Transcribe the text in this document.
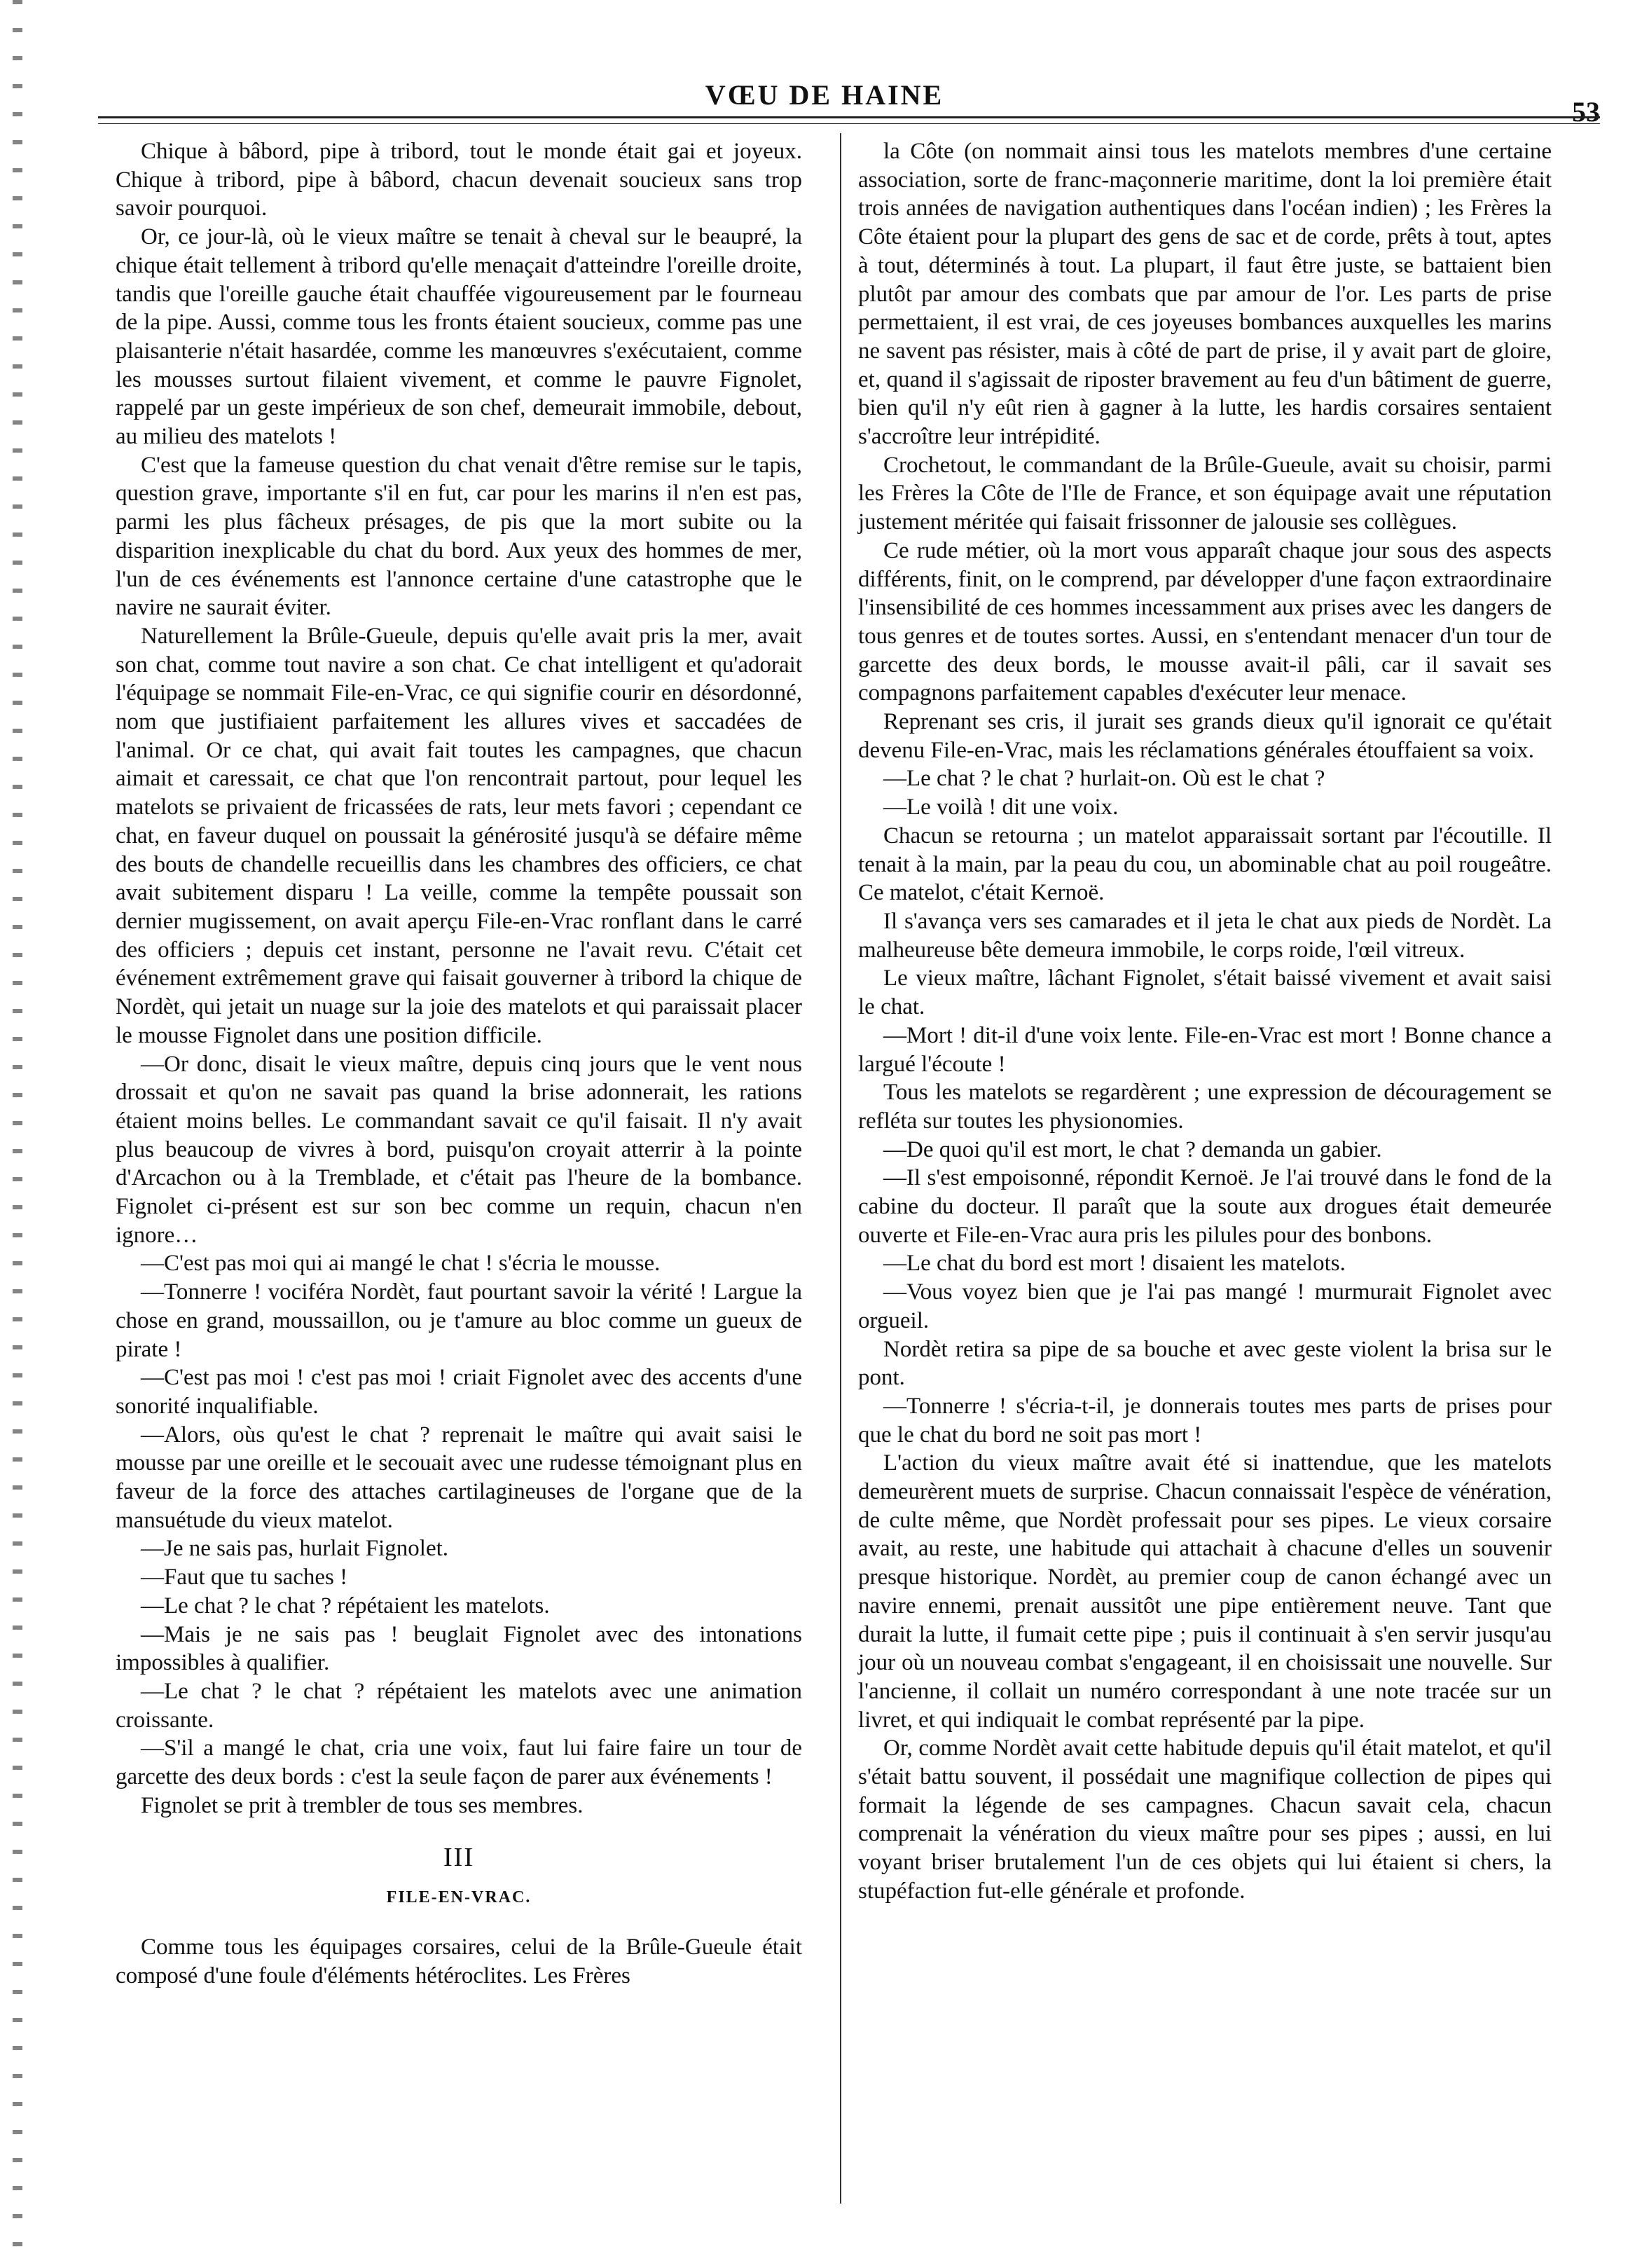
VŒU DE HAINE
53

Chique à bâbord, pipe à tribord, tout le monde était gai et joyeux. Chique à tribord, pipe à bâbord, chacun devenait soucieux sans trop savoir pourquoi.

Or, ce jour-là, où le vieux maître se tenait à cheval sur le beaupré, la chique était tellement à tribord qu'elle menaçait d'atteindre l'oreille droite, tandis que l'oreille gauche était chauffée vigoureusement par le fourneau de la pipe. Aussi, comme tous les fronts étaient soucieux, comme pas une plaisanterie n'était hasardée, comme les manœuvres s'exécutaient, comme les mousses surtout filaient vivement, et comme le pauvre Fignolet, rappelé par un geste impérieux de son chef, demeurait immobile, debout, au milieu des matelots !

C'est que la fameuse question du chat venait d'être remise sur le tapis, question grave, importante s'il en fut, car pour les marins il n'en est pas, parmi les plus fâcheux présages, de pis que la mort subite ou la disparition inexplicable du chat du bord. Aux yeux des hommes de mer, l'un de ces événements est l'annonce certaine d'une catastrophe que le navire ne saurait éviter.

Naturellement la Brûle-Gueule, depuis qu'elle avait pris la mer, avait son chat, comme tout navire a son chat. Ce chat intelligent et qu'adorait l'équipage se nommait File-en-Vrac, ce qui signifie courir en désordonné, nom que justifiaient parfaitement les allures vives et saccadées de l'animal. Or ce chat, qui avait fait toutes les campagnes, que chacun aimait et caressait, ce chat que l'on rencontrait partout, pour lequel les matelots se privaient de fricassées de rats, leur mets favori ; cependant ce chat, en faveur duquel on poussait la générosité jusqu'à se défaire même des bouts de chandelle recueillis dans les chambres des officiers, ce chat avait subitement disparu ! La veille, comme la tempête poussait son dernier mugissement, on avait aperçu File-en-Vrac ronflant dans le carré des officiers ; depuis cet instant, personne ne l'avait revu. C'était cet événement extrêmement grave qui faisait gouverner à tribord la chique de Nordèt, qui jetait un nuage sur la joie des matelots et qui paraissait placer le mousse Fignolet dans une position difficile.

—Or donc, disait le vieux maître, depuis cinq jours que le vent nous drossait et qu'on ne savait pas quand la brise adonnerait, les rations étaient moins belles. Le commandant savait ce qu'il faisait. Il n'y avait plus beaucoup de vivres à bord, puisqu'on croyait atterrir à la pointe d'Arcachon ou à la Tremblade, et c'était pas l'heure de la bombance. Fignolet ci-présent est sur son bec comme un requin, chacun n'en ignore…

—C'est pas moi qui ai mangé le chat ! s'écria le mousse.

—Tonnerre ! vociféra Nordèt, faut pourtant savoir la vérité ! Largue la chose en grand, moussaillon, ou je t'amure au bloc comme un gueux de pirate !

—C'est pas moi ! c'est pas moi ! criait Fignolet avec des accents d'une sonorité inqualifiable.

—Alors, oùs qu'est le chat ? reprenait le maître qui avait saisi le mousse par une oreille et le secouait avec une rudesse témoignant plus en faveur de la force des attaches cartilagineuses de l'organe que de la mansuétude du vieux matelot.

—Je ne sais pas, hurlait Fignolet.

—Faut que tu saches !

—Le chat ? le chat ? répétaient les matelots.

—Mais je ne sais pas ! beuglait Fignolet avec des intonations impossibles à qualifier.

—Le chat ? le chat ? répétaient les matelots avec une animation croissante.

—S'il a mangé le chat, cria une voix, faut lui faire faire un tour de garcette des deux bords : c'est la seule façon de parer aux événements !

Fignolet se prit à trembler de tous ses membres.

III
FILE-EN-VRAC.

Comme tous les équipages corsaires, celui de la Brûle-Gueule était composé d'une foule d'éléments hétéroclites. Les Frères

la Côte (on nommait ainsi tous les matelots membres d'une certaine association, sorte de franc-maçonnerie maritime, dont la loi première était trois années de navigation authentiques dans l'océan indien) ; les Frères la Côte étaient pour la plupart des gens de sac et de corde, prêts à tout, aptes à tout, déterminés à tout. La plupart, il faut être juste, se battaient bien plutôt par amour des combats que par amour de l'or. Les parts de prise permettaient, il est vrai, de ces joyeuses bombances auxquelles les marins ne savent pas résister, mais à côté de part de prise, il y avait part de gloire, et, quand il s'agissait de riposter bravement au feu d'un bâtiment de guerre, bien qu'il n'y eût rien à gagner à la lutte, les hardis corsaires sentaient s'accroître leur intrépidité.

Crochetout, le commandant de la Brûle-Gueule, avait su choisir, parmi les Frères la Côte de l'Ile de France, et son équipage avait une réputation justement méritée qui faisait frissonner de jalousie ses collègues.

Ce rude métier, où la mort vous apparaît chaque jour sous des aspects différents, finit, on le comprend, par développer d'une façon extraordinaire l'insensibilité de ces hommes incessamment aux prises avec les dangers de tous genres et de toutes sortes. Aussi, en s'entendant menacer d'un tour de garcette des deux bords, le mousse avait-il pâli, car il savait ses compagnons parfaitement capables d'exécuter leur menace.

Reprenant ses cris, il jurait ses grands dieux qu'il ignorait ce qu'était devenu File-en-Vrac, mais les réclamations générales étouffaient sa voix.

—Le chat ? le chat ? hurlait-on. Où est le chat ?

—Le voilà ! dit une voix.

Chacun se retourna ; un matelot apparaissait sortant par l'écoutille. Il tenait à la main, par la peau du cou, un abominable chat au poil rougeâtre. Ce matelot, c'était Kernoë.

Il s'avança vers ses camarades et il jeta le chat aux pieds de Nordèt. La malheureuse bête demeura immobile, le corps roide, l'œil vitreux.

Le vieux maître, lâchant Fignolet, s'était baissé vivement et avait saisi le chat.

—Mort ! dit-il d'une voix lente. File-en-Vrac est mort ! Bonne chance a largué l'écoute !

Tous les matelots se regardèrent ; une expression de découragement se refléta sur toutes les physionomies.

—De quoi qu'il est mort, le chat ? demanda un gabier.

—Il s'est empoisonné, répondit Kernoë. Je l'ai trouvé dans le fond de la cabine du docteur. Il paraît que la soute aux drogues était demeurée ouverte et File-en-Vrac aura pris les pilules pour des bonbons.

—Le chat du bord est mort ! disaient les matelots.

—Vous voyez bien que je l'ai pas mangé ! murmurait Fignolet avec orgueil.

Nordèt retira sa pipe de sa bouche et avec geste violent la brisa sur le pont.

—Tonnerre ! s'écria-t-il, je donnerais toutes mes parts de prises pour que le chat du bord ne soit pas mort !

L'action du vieux maître avait été si inattendue, que les matelots demeurèrent muets de surprise. Chacun connaissait l'espèce de vénération, de culte même, que Nordèt professait pour ses pipes. Le vieux corsaire avait, au reste, une habitude qui attachait à chacune d'elles un souvenir presque historique. Nordèt, au premier coup de canon échangé avec un navire ennemi, prenait aussitôt une pipe entièrement neuve. Tant que durait la lutte, il fumait cette pipe ; puis il continuait à s'en servir jusqu'au jour où un nouveau combat s'engageant, il en choisissait une nouvelle. Sur l'ancienne, il collait un numéro correspondant à une note tracée sur un livret, et qui indiquait le combat représenté par la pipe.

Or, comme Nordèt avait cette habitude depuis qu'il était matelot, et qu'il s'était battu souvent, il possédait une magnifique collection de pipes qui formait la légende de ses campagnes. Chacun savait cela, chacun comprenait la vénération du vieux maître pour ses pipes ; aussi, en lui voyant briser brutalement l'un de ces objets qui lui étaient si chers, la stupéfaction fut-elle générale et profonde.
